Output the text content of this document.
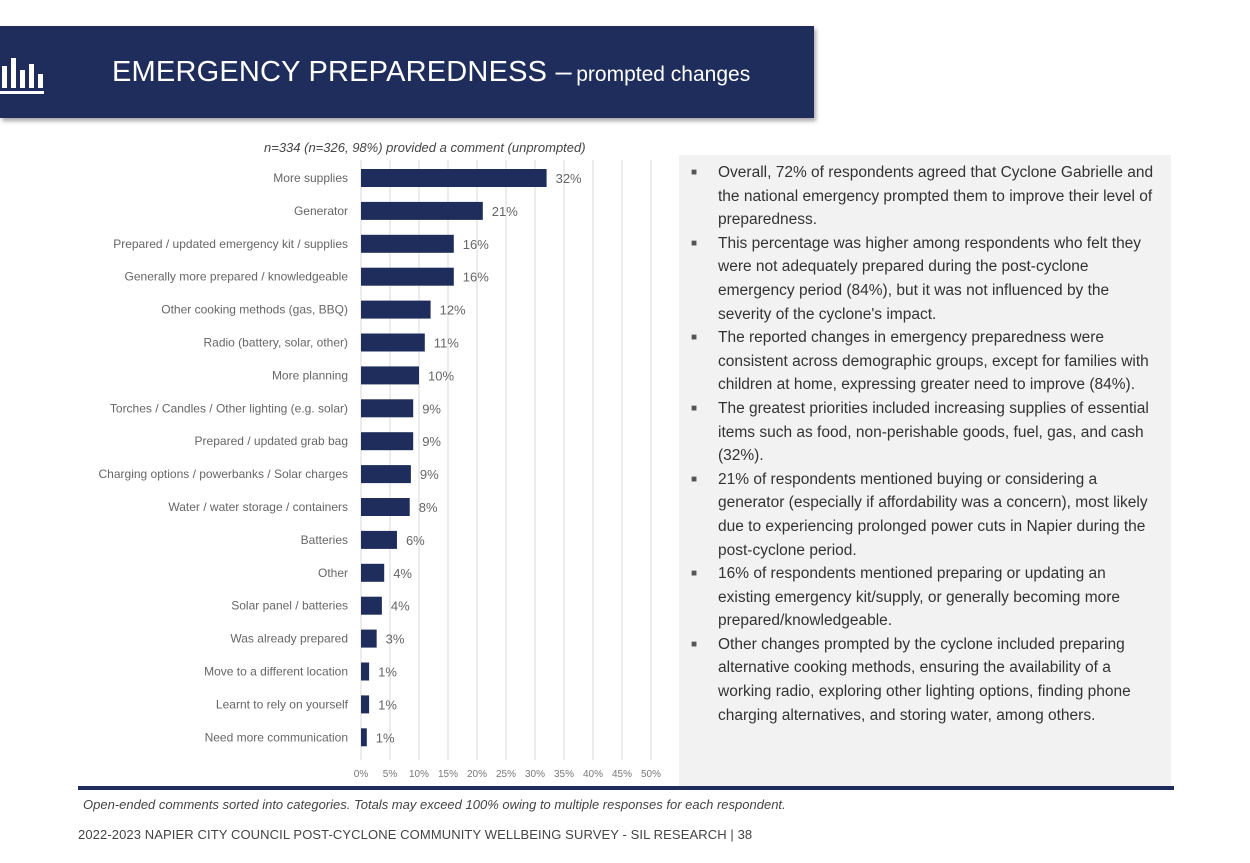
EMERGENCY PREPAREDNESS – prompted changes
n=334 (n=326, 98%) provided a comment (unprompted)
0% 5% 10% 15% 20% 25% 30% 35% 40% 45% 50%
More supplies	32%
Generator	21%
Prepared / updated emergency kit / supplies	16%
Generally more prepared / knowledgeable	16%
Other cooking methods (gas, BBQ)	12%
Radio (battery, solar, other)	11%
More planning	10%
Torches / Candles / Other lighting (e.g. solar)	9%
Prepared / updated grab bag	9%
Charging options / powerbanks / Solar charges	9%
Water / water storage / containers	8%
Batteries	6%
Other	4%
Solar panel / batteries	4%
Was already prepared	3%
Move to a different location 1%
Learnt to rely on yourself 1%
Need more communication 1%
■ Overall, 72% of respondents agreed that Cyclone Gabrielle and the national emergency prompted them to improve their level of preparedness.
■ This percentage was higher among respondents who felt they were not adequately prepared during the post-cyclone emergency period (84%), but it was not influenced by the severity of the cyclone's impact.
■ The reported changes in emergency preparedness were consistent across demographic groups, except for families with children at home, expressing greater need to improve (84%).
■ The greatest priorities included increasing supplies of essential items such as food, non-perishable goods, fuel, gas, and cash (32%).
■ 21% of respondents mentioned buying or considering a generator (especially if affordability was a concern), most likely due to experiencing prolonged power cuts in Napier during the post-cyclone period.
■ 16% of respondents mentioned preparing or updating an existing emergency kit/supply, or generally becoming more prepared/knowledgeable.
■ Other changes prompted by the cyclone included preparing alternative cooking methods, ensuring the availability of a working radio, exploring other lighting options, finding phone charging alternatives, and storing water, among others.
Open-ended comments sorted into categories. Totals may exceed 100% owing to multiple responses for each respondent.
2022-2023 NAPIER CITY COUNCIL POST-CYCLONE COMMUNITY WELLBEING SURVEY - SIL RESEARCH | 38
